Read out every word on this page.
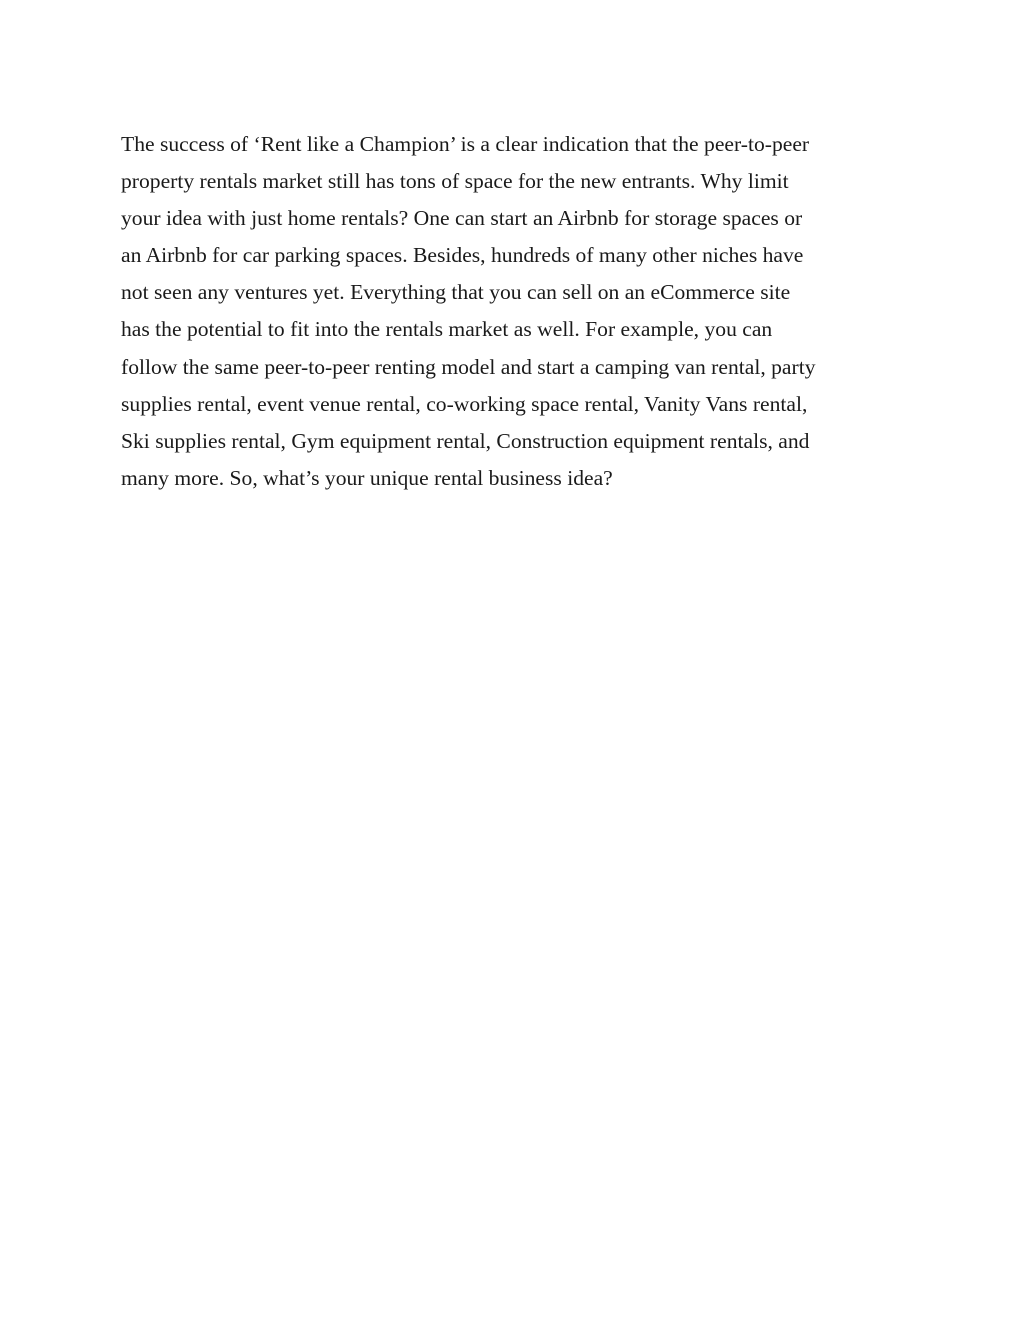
The success of ‘Rent like a Champion’ is a clear indication that the peer-to-peer
property rentals market still has tons of space for the new entrants. Why limit
your idea with just home rentals? One can start an Airbnb for storage spaces or
an Airbnb for car parking spaces. Besides, hundreds of many other niches have
not seen any ventures yet. Everything that you can sell on an eCommerce site
has the potential to fit into the rentals market as well. For example, you can
follow the same peer-to-peer renting model and start a camping van rental, party
supplies rental, event venue rental, co-working space rental, Vanity Vans rental,
Ski supplies rental, Gym equipment rental, Construction equipment rentals, and
many more. So, what’s your unique rental business idea?
